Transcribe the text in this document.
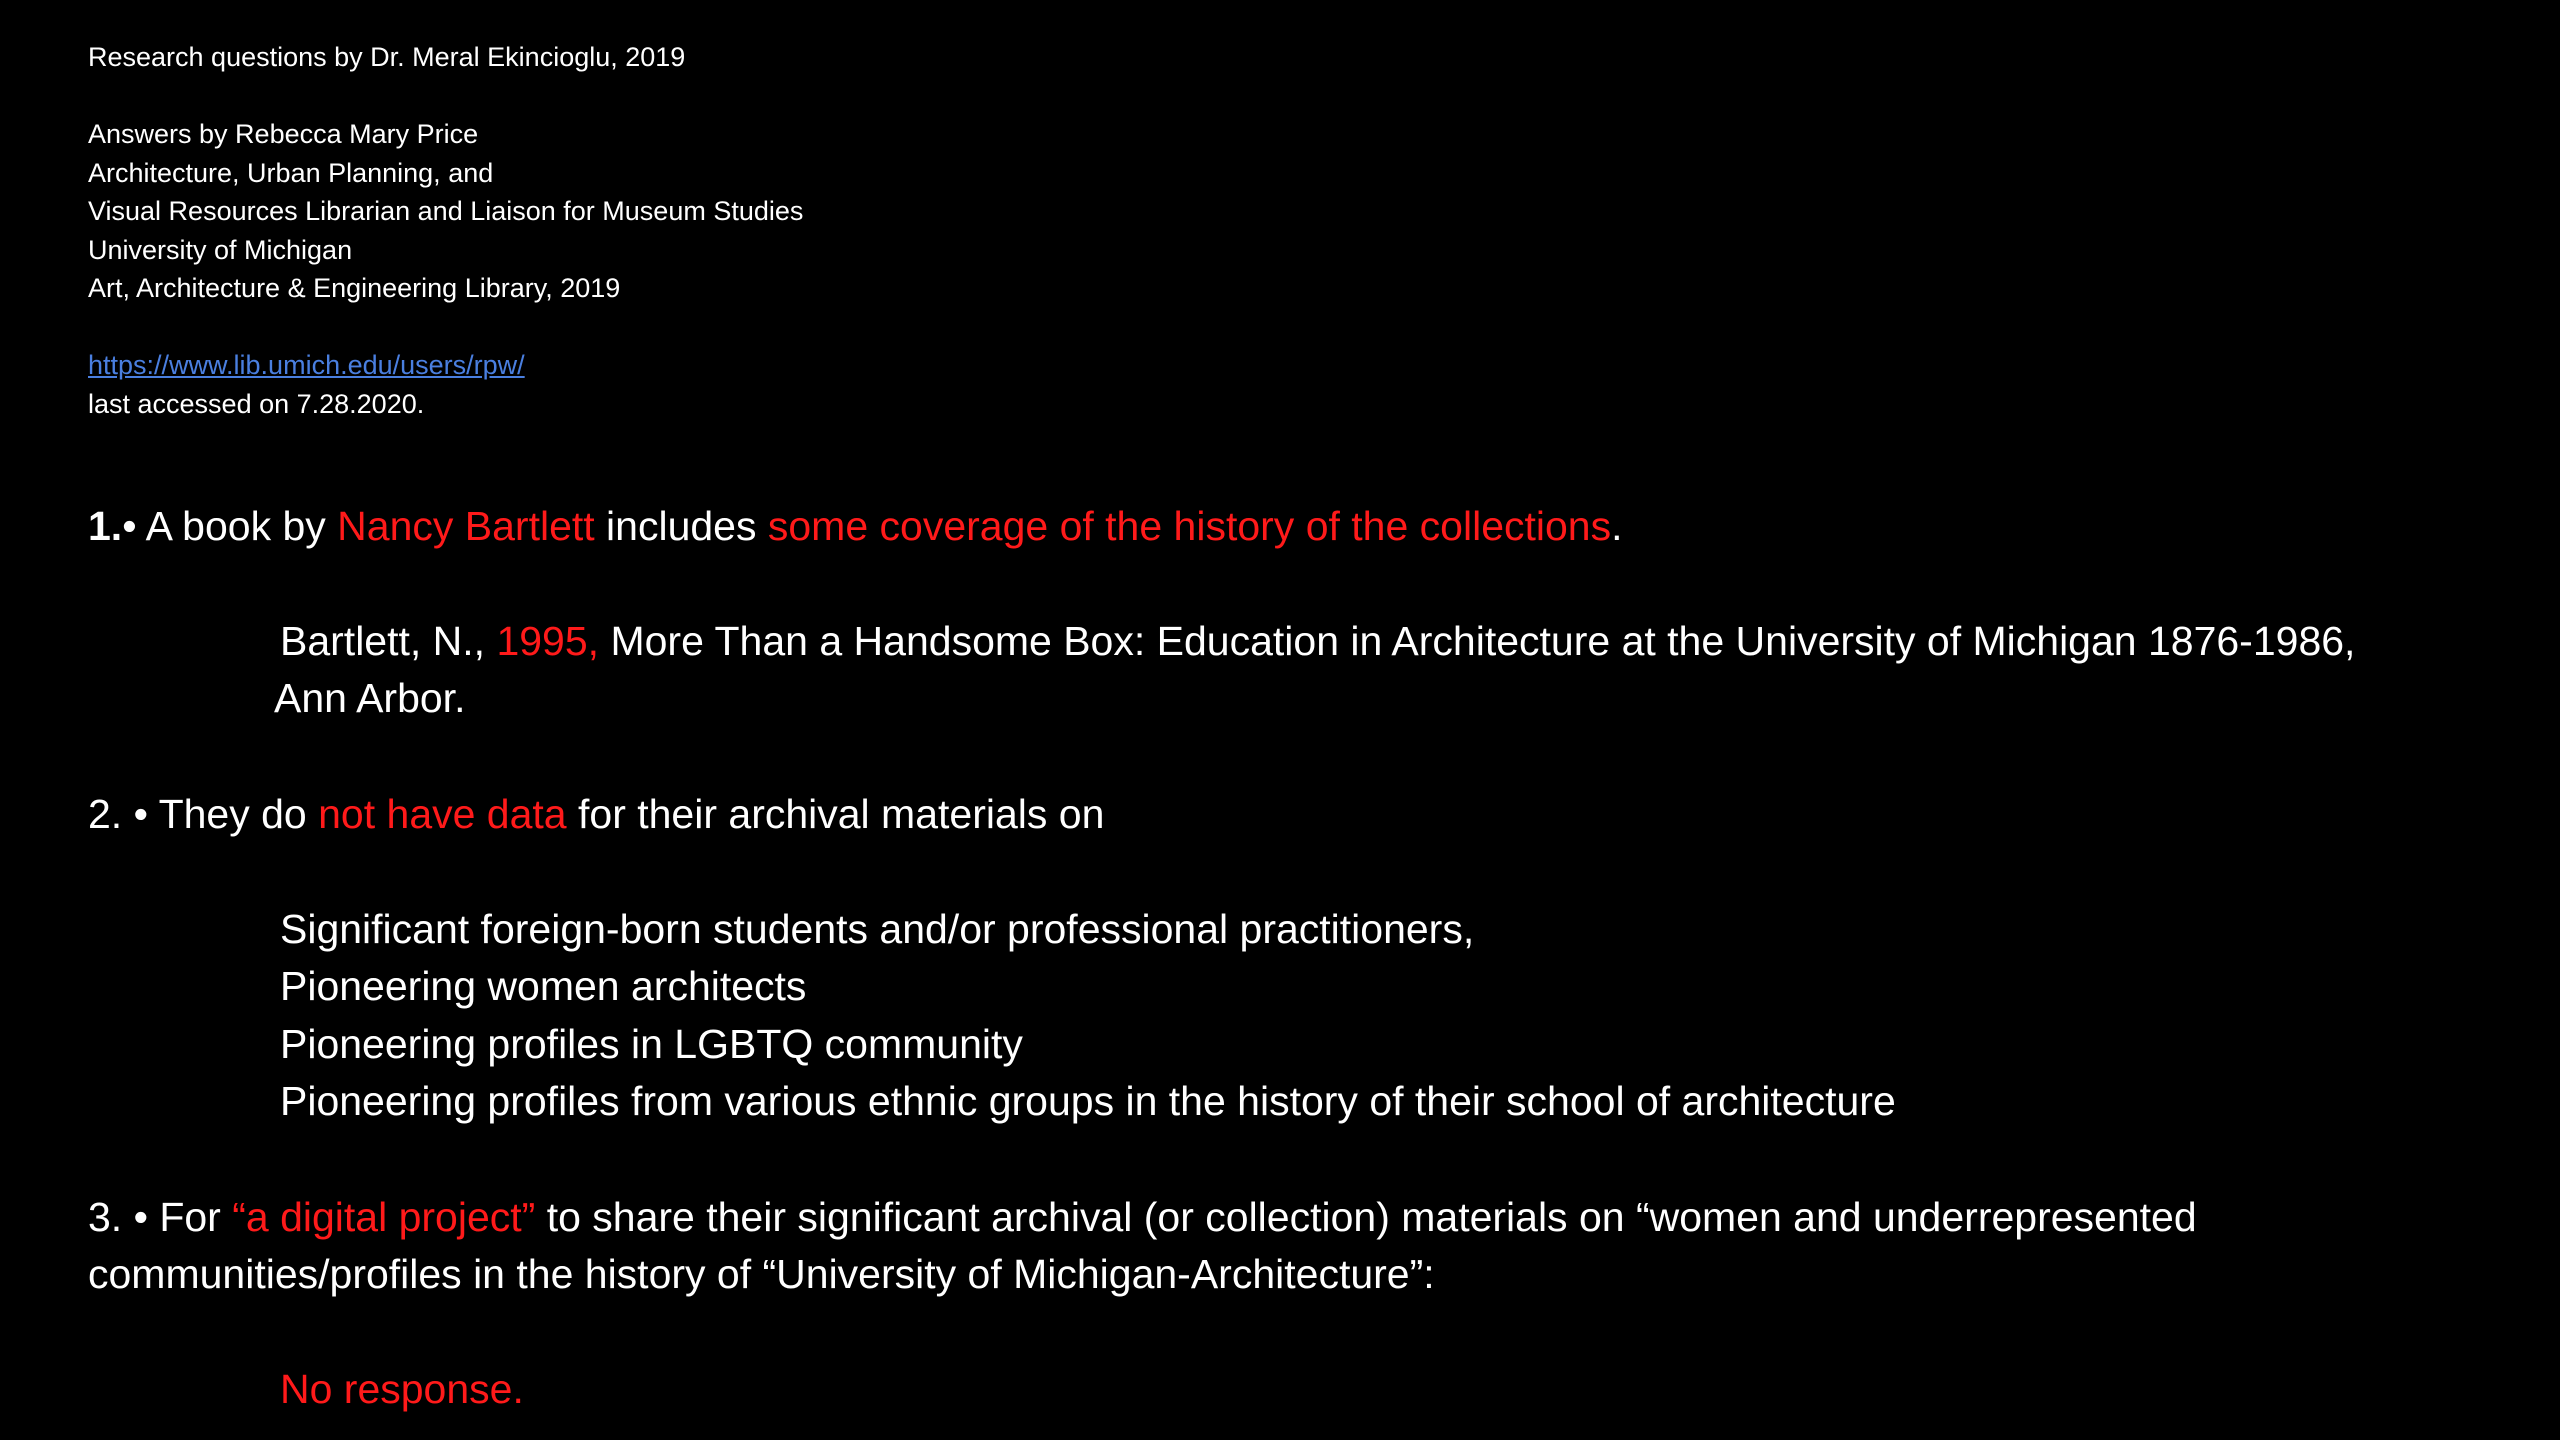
Research questions by Dr. Meral Ekincioglu, 2019
Answers by Rebecca Mary Price
Architecture, Urban Planning, and
Visual Resources Librarian and Liaison for Museum Studies
University of Michigan
Art, Architecture & Engineering Library, 2019
https://www.lib.umich.edu/users/rpw/
last accessed on 7.28.2020.
1.• A book by Nancy Bartlett includes some coverage of the history of the collections.
Bartlett, N., 1995, More Than a Handsome Box: Education in Architecture at the University of Michigan 1876-1986,
Ann Arbor.
2. • They do not have data for their archival materials on
Significant foreign-born students and/or professional practitioners,
Pioneering women architects
Pioneering profiles in LGBTQ community
Pioneering profiles from various ethnic groups in the history of their school of architecture
3. • For “a digital project” to share their significant archival (or collection) materials on “women and underrepresented
communities/profiles in the history of “University of Michigan-Architecture”:
No response.
